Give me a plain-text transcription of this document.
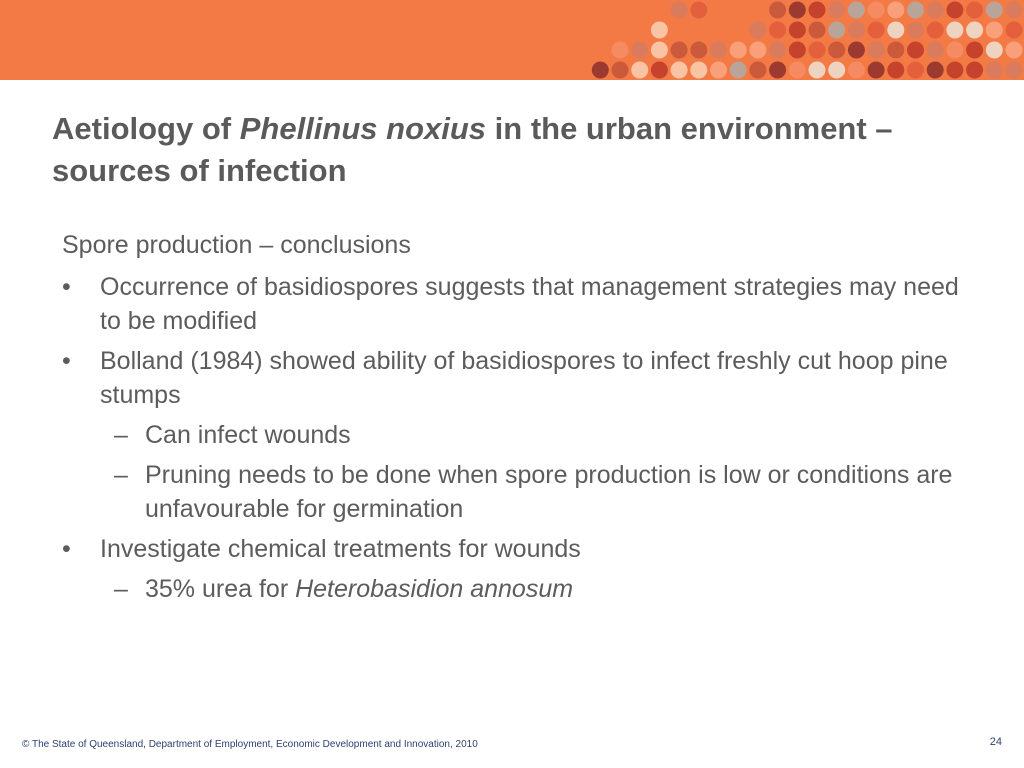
Aetiology of Phellinus noxius in the urban environment – sources of infection
Spore production – conclusions
• Occurrence of basidiospores suggests that management strategies may need to be modified
• Bolland (1984) showed ability of basidiospores to infect freshly cut hoop pine stumps
– Can infect wounds
– Pruning needs to be done when spore production is low or conditions are unfavourable for germination
• Investigate chemical treatments for wounds
– 35% urea for Heterobasidion annosum
© The State of Queensland, Department of Employment, Economic Development and Innovation, 2010	24
